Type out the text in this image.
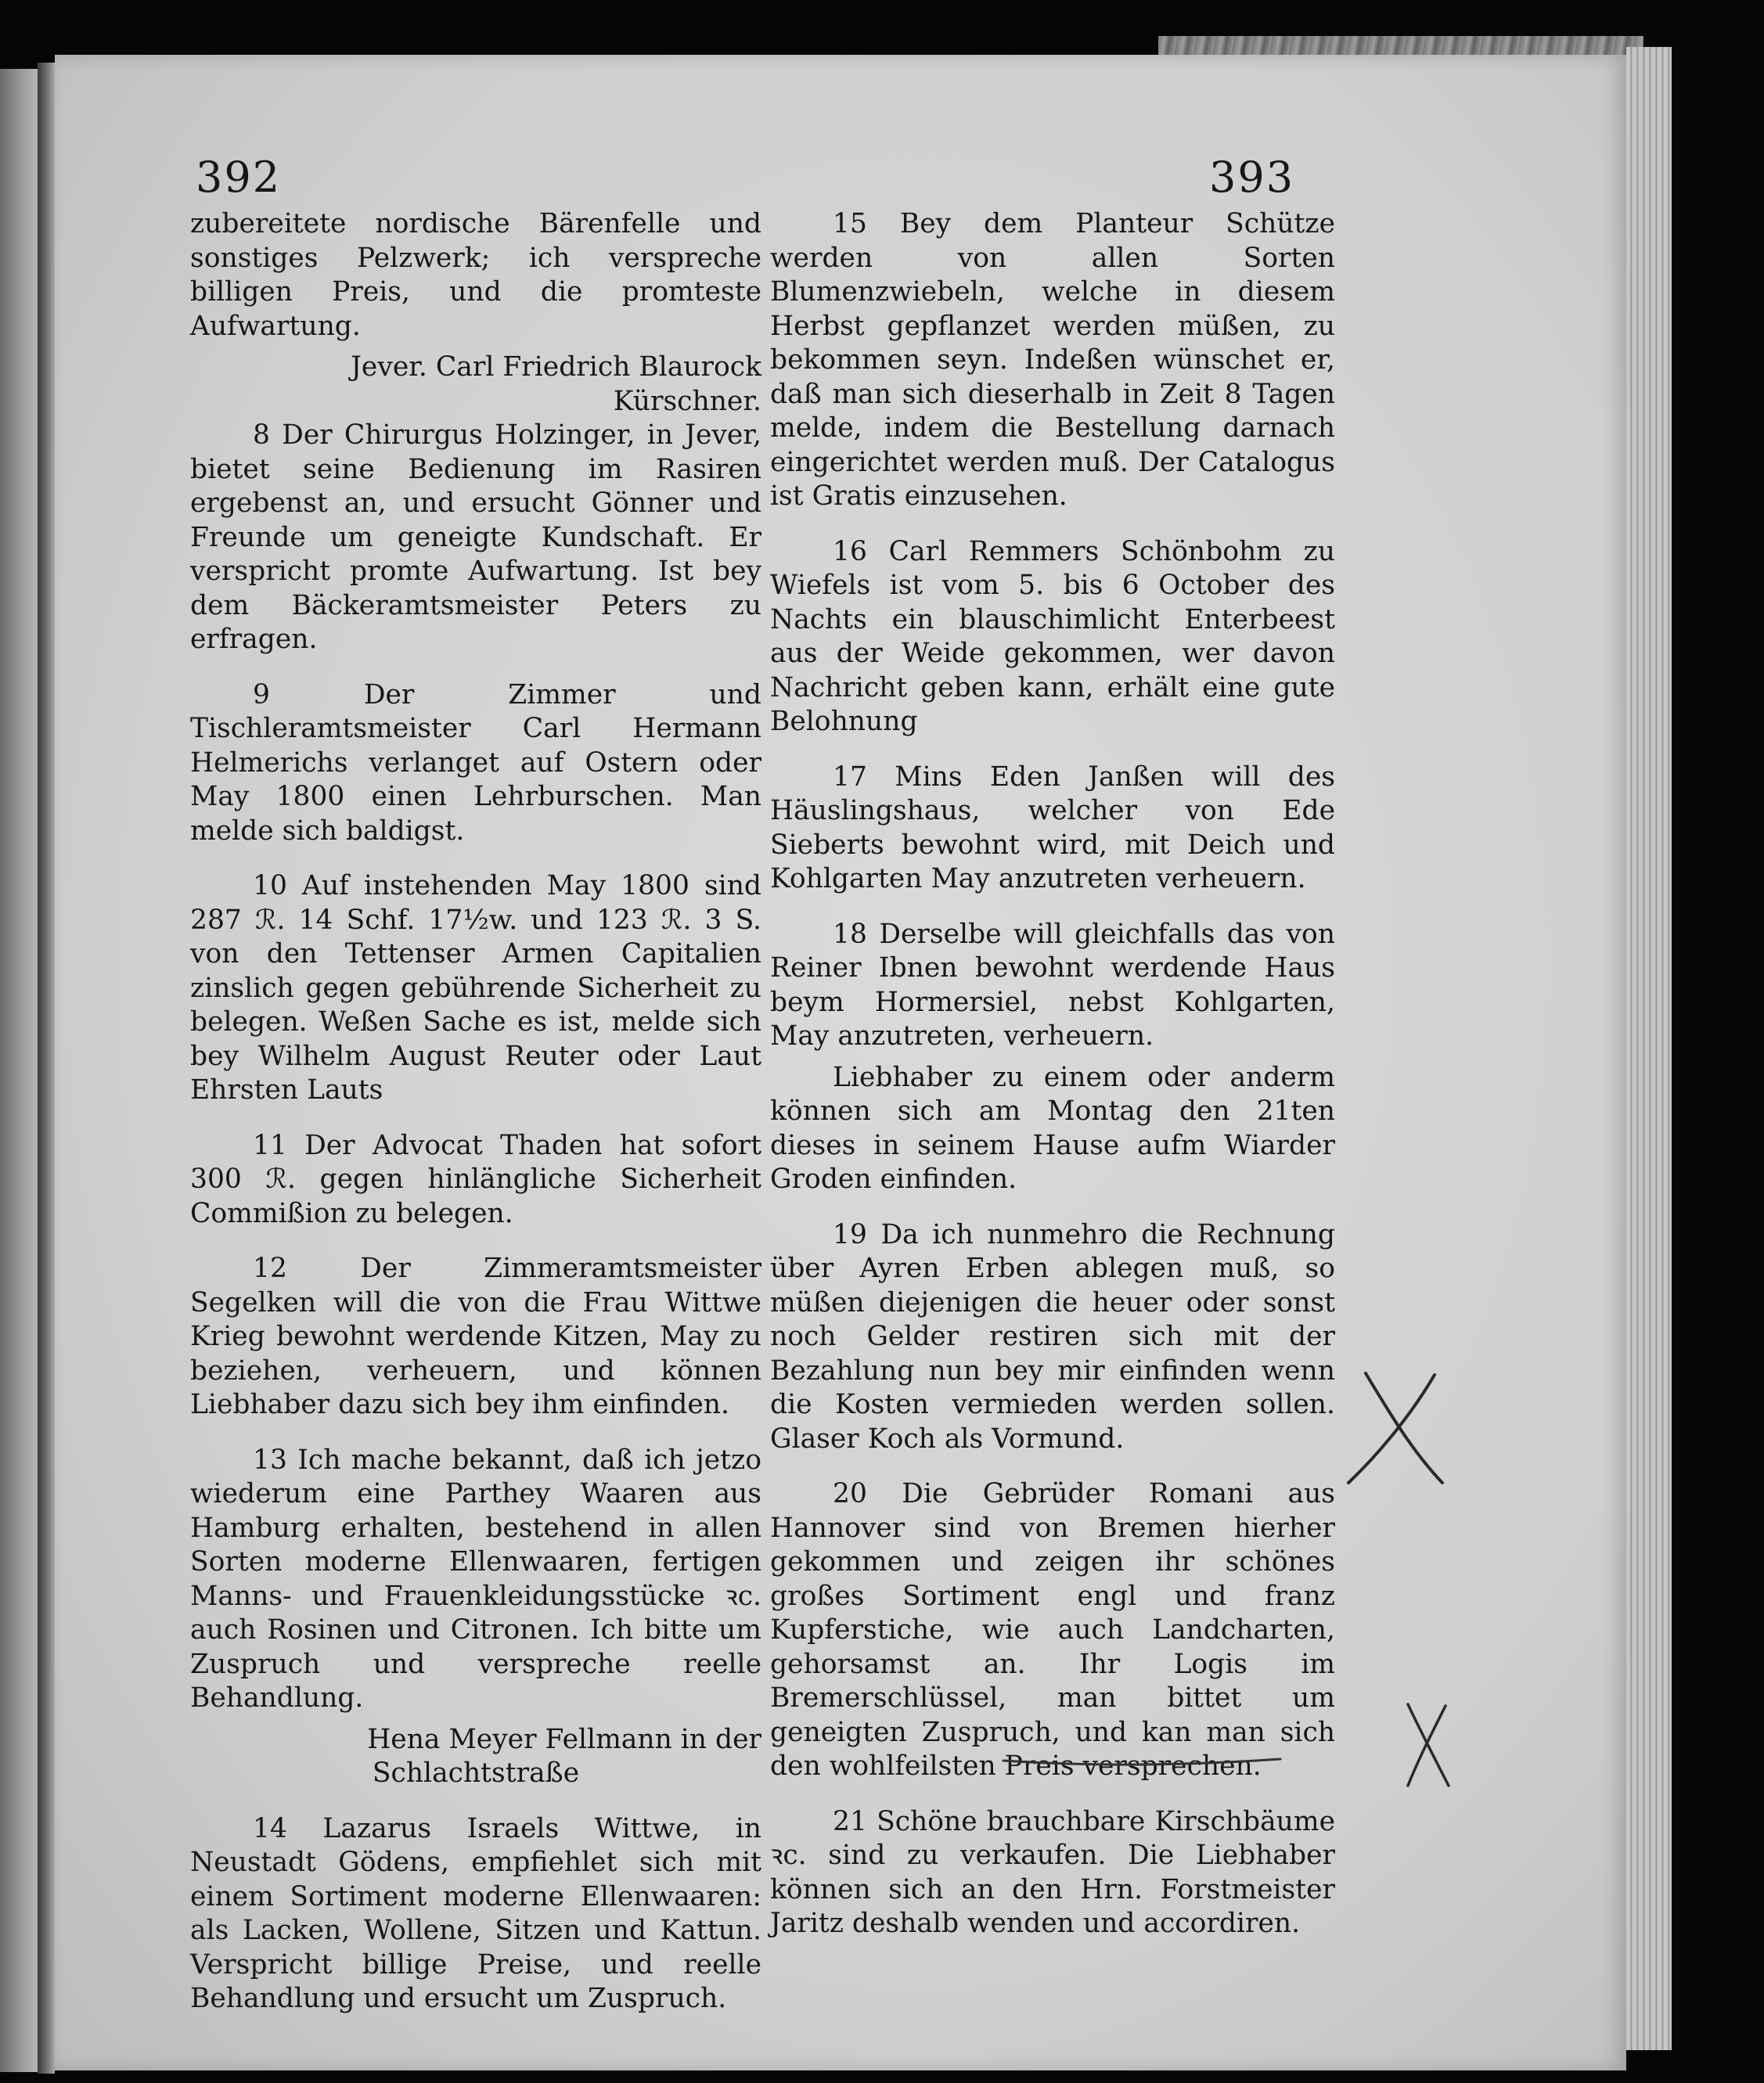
392	393

zubereitete nordische Bärenfelle und sonstiges Pelzwerk; ich verspreche billigen Preis, und die promteste Aufwartung.

Jever. Carl Friedrich Blaurock

Kürschner.

8 Der Chirurgus Holzinger, in Jever, bietet seine Bedienung im Rasiren ergebenst an, und ersucht Gönner und Freunde um geneigte Kundschaft. Er verspricht promte Aufwartung. Ist bey dem Bäckeramtsmeister Peters zu erfragen.

9 Der Zimmer und Tischleramtsmeister Carl Hermann Helmerichs verlanget auf Ostern oder May 1800 einen Lehrburschen. Man melde sich baldigst.

10 Auf instehenden May 1800 sind 287 ℛ. 14 Schf. 17½w. und 123 ℛ. 3 S. von den Tettenser Armen Capitalien zinslich gegen gebührende Sicherheit zu belegen. Weßen Sache es ist, melde sich bey Wilhelm August Reuter oder Laut Ehrsten Lauts

11 Der Advocat Thaden hat sofort 300 ℛ. gegen hinlängliche Sicherheit Commißion zu belegen.

12 Der Zimmeramtsmeister Segelken will die von die Frau Wittwe Krieg bewohnt werdende Kitzen, May zu beziehen, verheuern, und können Liebhaber dazu sich bey ihm einfinden.

13 Ich mache bekannt, daß ich jetzo wiederum eine Parthey Waaren aus Hamburg erhalten, bestehend in allen Sorten moderne Ellenwaaren, fertigen Manns- und Frauenkleidungsstücke ꝛc. auch Rosinen und Citronen. Ich bitte um Zuspruch und verspreche reelle Behandlung.

Hena Meyer Fellmann in der

Schlachtstraße

14 Lazarus Israels Wittwe, in Neustadt Gödens, empfiehlet sich mit einem Sortiment moderne Ellenwaaren: als Lacken, Wollene, Sitzen und Kattun. Verspricht billige Preise, und reelle Behandlung und ersucht um Zuspruch.

15 Bey dem Planteur Schütze werden von allen Sorten Blumenzwiebeln, welche in diesem Herbst gepflanzet werden müßen, zu bekommen seyn. Indeßen wünschet er, daß man sich dieserhalb in Zeit 8 Tagen melde, indem die Bestellung darnach eingerichtet werden muß. Der Catalogus ist Gratis einzusehen.

16 Carl Remmers Schönbohm zu Wiefels ist vom 5. bis 6 October des Nachts ein blauschimlicht Enterbeest aus der Weide gekommen, wer davon Nachricht geben kann, erhält eine gute Belohnung

17 Mins Eden Janßen will des Häuslingshaus, welcher von Ede Sieberts bewohnt wird, mit Deich und Kohlgarten May anzutreten verheuern.

18 Derselbe will gleichfalls das von Reiner Ibnen bewohnt werdende Haus beym Hormersiel, nebst Kohlgarten, May anzutreten, verheuern.

Liebhaber zu einem oder anderm können sich am Montag den 21ten dieses in seinem Hause aufm Wiarder Groden einfinden.

19 Da ich nunmehro die Rechnung über Ayren Erben ablegen muß, so müßen diejenigen die heuer oder sonst noch Gelder restiren sich mit der Bezahlung nun bey mir einfinden wenn die Kosten vermieden werden sollen. Glaser Koch als Vormund.

20 Die Gebrüder Romani aus Hannover sind von Bremen hierher gekommen und zeigen ihr schönes großes Sortiment engl und franz Kupferstiche, wie auch Landcharten, gehorsamst an. Ihr Logis im Bremerschlüssel, man bittet um geneigten Zuspruch, und kan man sich den wohlfeilsten Preis versprechen.

21 Schöne brauchbare Kirschbäume ꝛc. sind zu verkaufen. Die Liebhaber können sich an den Hrn. Forstmeister Jaritz deshalb wenden und accordiren.
